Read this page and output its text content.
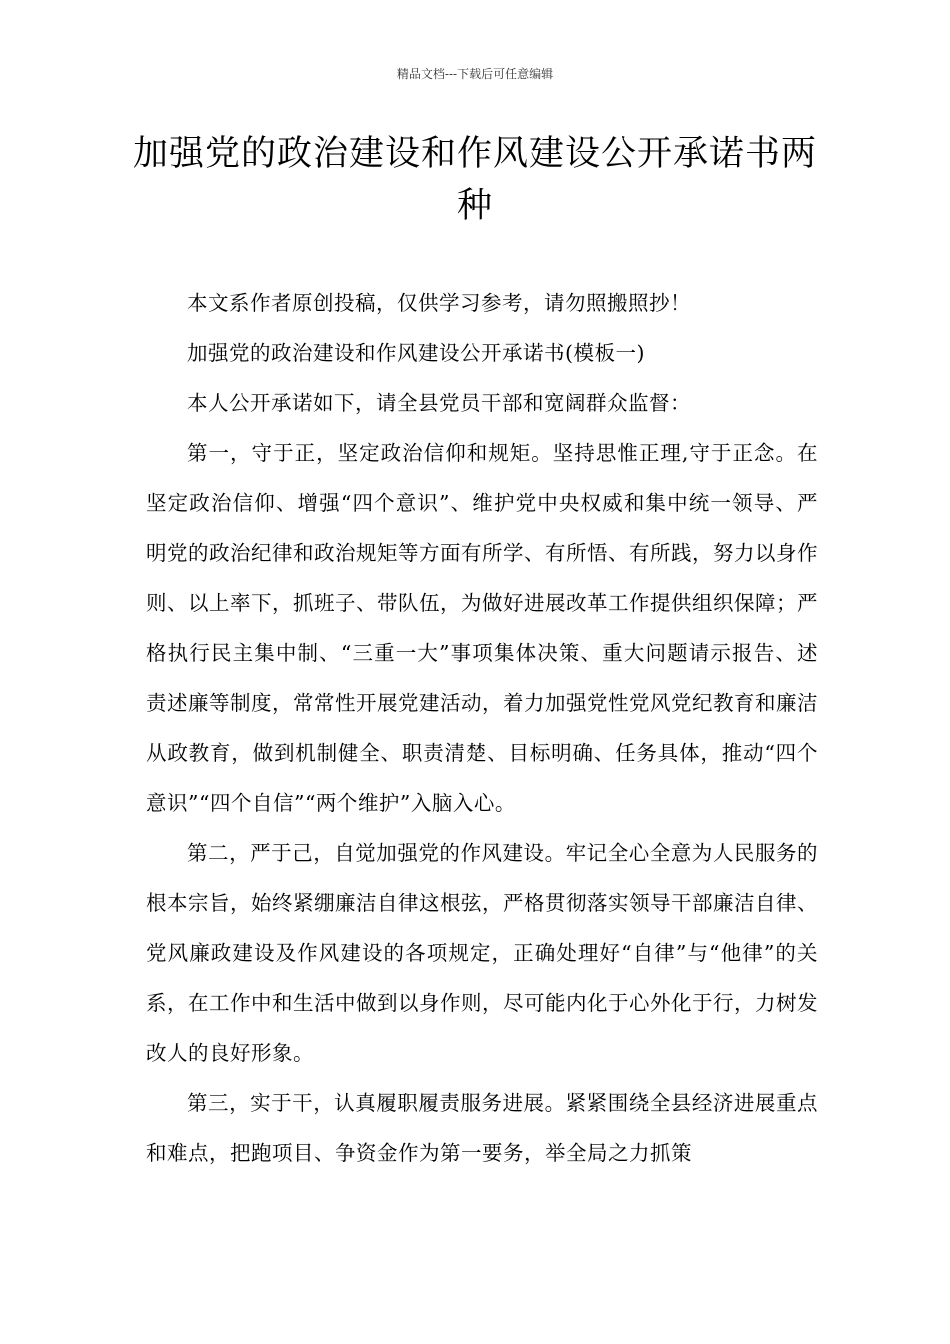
精品文档---下载后可任意编辑
加强党的政治建设和作风建设公开承诺书两种

本文系作者原创投稿，仅供学习参考，请勿照搬照抄！

加强党的政治建设和作风建设公开承诺书(模板一)

本人公开承诺如下，请全县党员干部和宽阔群众监督：

第一，守于正，坚定政治信仰和规矩。坚持思惟正理,守于正念。在坚定政治信仰、增强“四个意识”、维护党中央权威和集中统一领导、严明党的政治纪律和政治规矩等方面有所学、有所悟、有所践，努力以身作则、以上率下，抓班子、带队伍，为做好进展改革工作提供组织保障；严格执行民主集中制、“三重一大”事项集体决策、重大问题请示报告、述责述廉等制度，常常性开展党建活动，着力加强党性党风党纪教育和廉洁从政教育，做到机制健全、职责清楚、目标明确、任务具体，推动“四个意识”“四个自信”“两个维护”入脑入心。

第二，严于己，自觉加强党的作风建设。牢记全心全意为人民服务的根本宗旨，始终紧绷廉洁自律这根弦，严格贯彻落实领导干部廉洁自律、党风廉政建设及作风建设的各项规定，正确处理好“自律”与“他律”的关系，在工作中和生活中做到以身作则，尽可能内化于心外化于行，力树发改人的良好形象。

第三，实于干，认真履职履责服务进展。紧紧围绕全县经济进展重点和难点，把跑项目、争资金作为第一要务，举全局之力抓策
